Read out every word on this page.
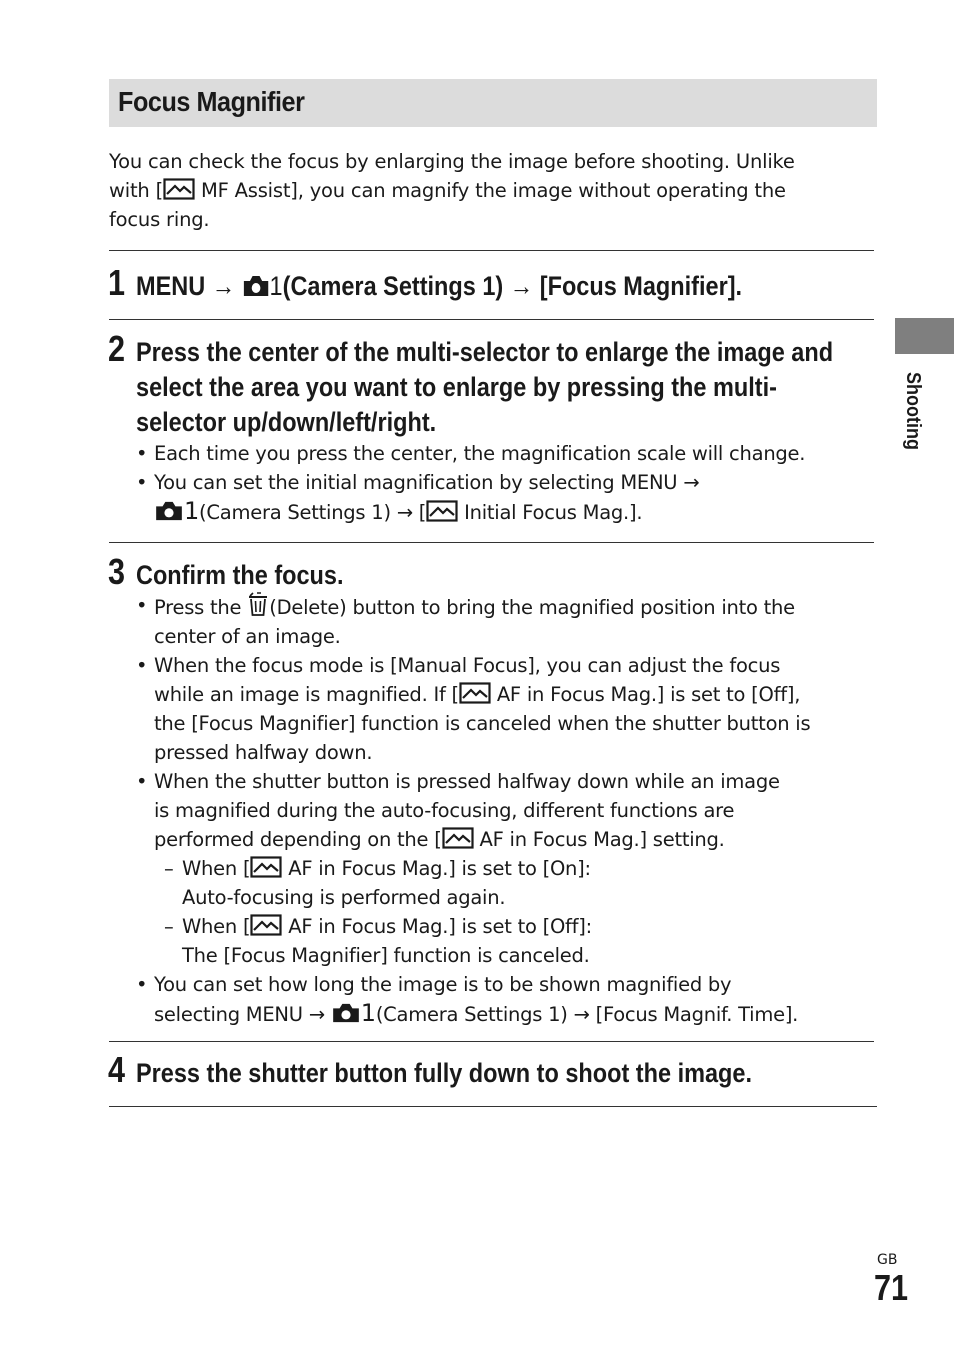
Focus Magnifier
You can check the focus by enlarging the image before shooting. Unlike
with [ MF Assist], you can magnify the image without operating the
focus ring.
1 MENU → 1(Camera Settings 1) → [Focus Magnifier].
2 Press the center of the multi-selector to enlarge the image and
select the area you want to enlarge by pressing the multi-
selector up/down/left/right.
• Each time you press the center, the magnification scale will change.
• You can set the initial magnification by selecting MENU →
1(Camera Settings 1) → [ Initial Focus Mag.].
3 Confirm the focus.
• Press the (Delete) button to bring the magnified position into the
center of an image.
• When the focus mode is [Manual Focus], you can adjust the focus
while an image is magnified. If [ AF in Focus Mag.] is set to [Off],
the [Focus Magnifier] function is canceled when the shutter button is
pressed halfway down.
• When the shutter button is pressed halfway down while an image
is magnified during the auto-focusing, different functions are
performed depending on the [ AF in Focus Mag.] setting.
– When [ AF in Focus Mag.] is set to [On]:
Auto-focusing is performed again.
– When [ AF in Focus Mag.] is set to [Off]:
The [Focus Magnifier] function is canceled.
• You can set how long the image is to be shown magnified by
selecting MENU → 1(Camera Settings 1) → [Focus Magnif. Time].
4 Press the shutter button fully down to shoot the image.
Shooting
GB
71
